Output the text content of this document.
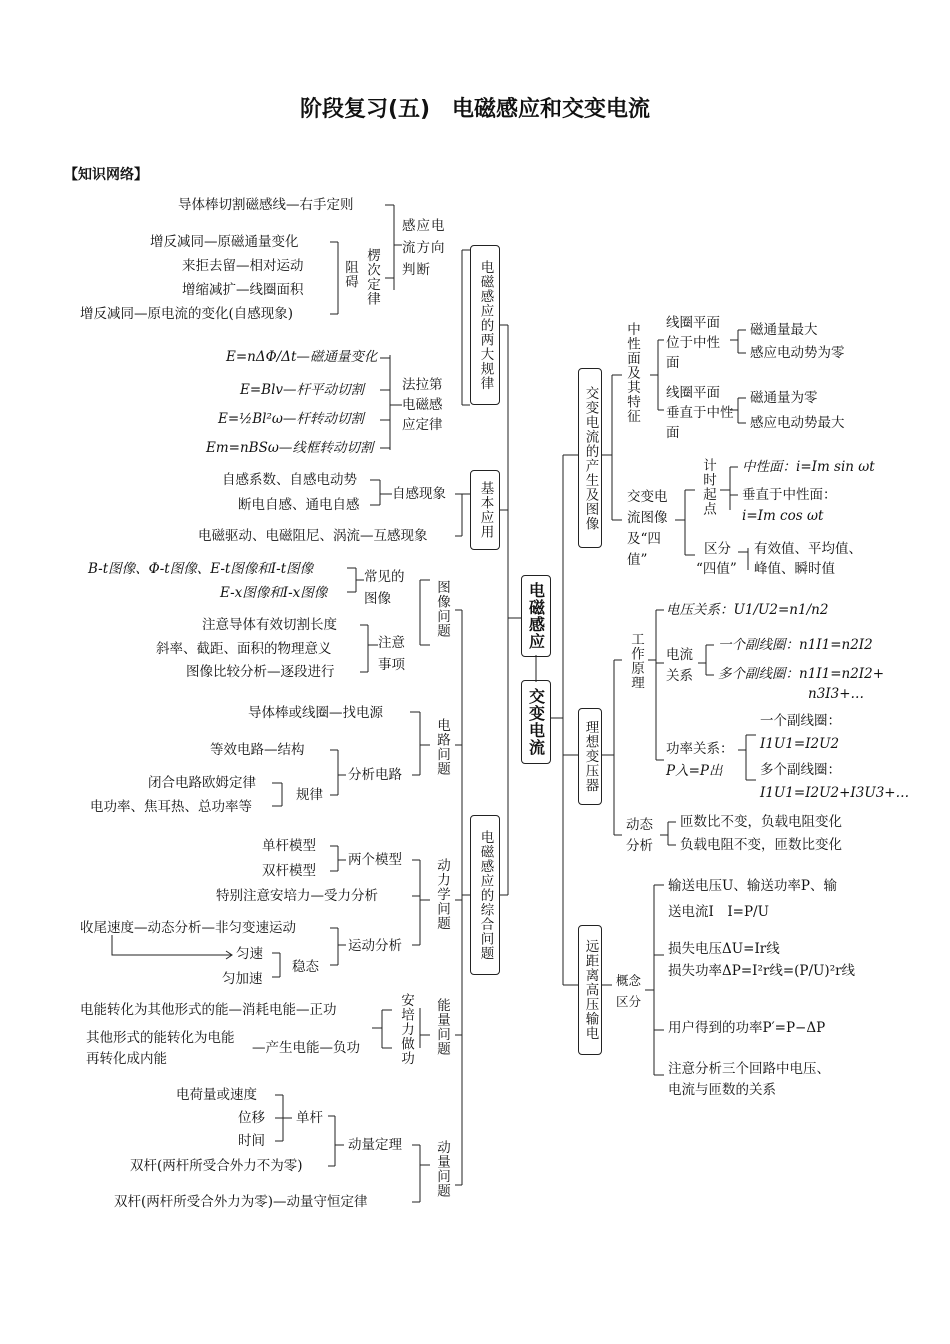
阶段复习(五)　电磁感应和交变电流
【知识网络】
电磁感应
交变电流
电磁感应的两大规律
基本应用
电磁感应的综合问题
交变电流的产生及图像
理想变压器
远距离高压输电
导体棒切割磁感线—右手定则
感应电流方向判断
阻碍 楞次定律
增反减同—原磁通量变化
来拒去留—相对运动
增缩减扩—线圈面积
增反减同—原电流的变化(自感现象)
法拉第电磁感应定律
E=nΔΦ/Δt—磁通量变化
E=Blv—杆平动切割
E=½Bl²ω—杆转动切割
Em=nBSω—线框转动切割
自感现象
自感系数、自感电动势
断电自感、通电自感
电磁驱动、电磁阻尼、涡流—互感现象
图像问题
常见的图像
B-t图像、Φ-t图像、E-t图像和I-t图像
E-x图像和I-x图像
注意事项
注意导体有效切割长度
斜率、截距、面积的物理意义
图像比较分析—逐段进行
电路问题
导体棒或线圈—找电源
分析电路
等效电路—结构
规律
闭合电路欧姆定律
电功率、焦耳热、总功率等
动力学问题
两个模型
单杆模型
双杆模型
特别注意安培力—受力分析
运动分析
收尾速度—动态分析—非匀变速运动
稳态
匀速
匀加速
能量问题
安培力做功
电能转化为其他形式的能—消耗电能—正功
其他形式的能转化为电能
再转化成内能
—产生电能—负功
动量问题
动量定理
单杆
电荷量或速度
位移
时间
双杆(两杆所受合外力不为零)
双杆(两杆所受合外力为零)—动量守恒定律
中性面及其特征 线圈平面
位于中性
面
磁通量最大
感应电动势为零
线圈平面
垂直于中性
面
磁通量为零
感应电动势最大
交变电
流图像
及“四
值”
计时起点 中性面：i=Im sin ωt
垂直于中性面：
i=Im cos ωt
区分
“四值”
有效值、平均值、
峰值、瞬时值
工作原理
电压关系：U1/U2=n1/n2
电流
关系
一个副线圈：n1I1=n2I2
多个副线圈：n1I1=n2I2+
n3I3+…
功率关系：
P入=P出
一个副线圈：
I1U1=I2U2
多个副线圈：
I1U1=I2U2+I3U3+…
动态
分析
匝数比不变，负载电阻变化
负载电阻不变，匝数比变化
概念
区分
输送电压U、输送功率P、输
送电流I　I=P/U
损失电压ΔU=Ir线
损失功率ΔP=I²r线=(P/U)²r线
用户得到的功率P′=P−ΔP
注意分析三个回路中电压、
电流与匝数的关系
